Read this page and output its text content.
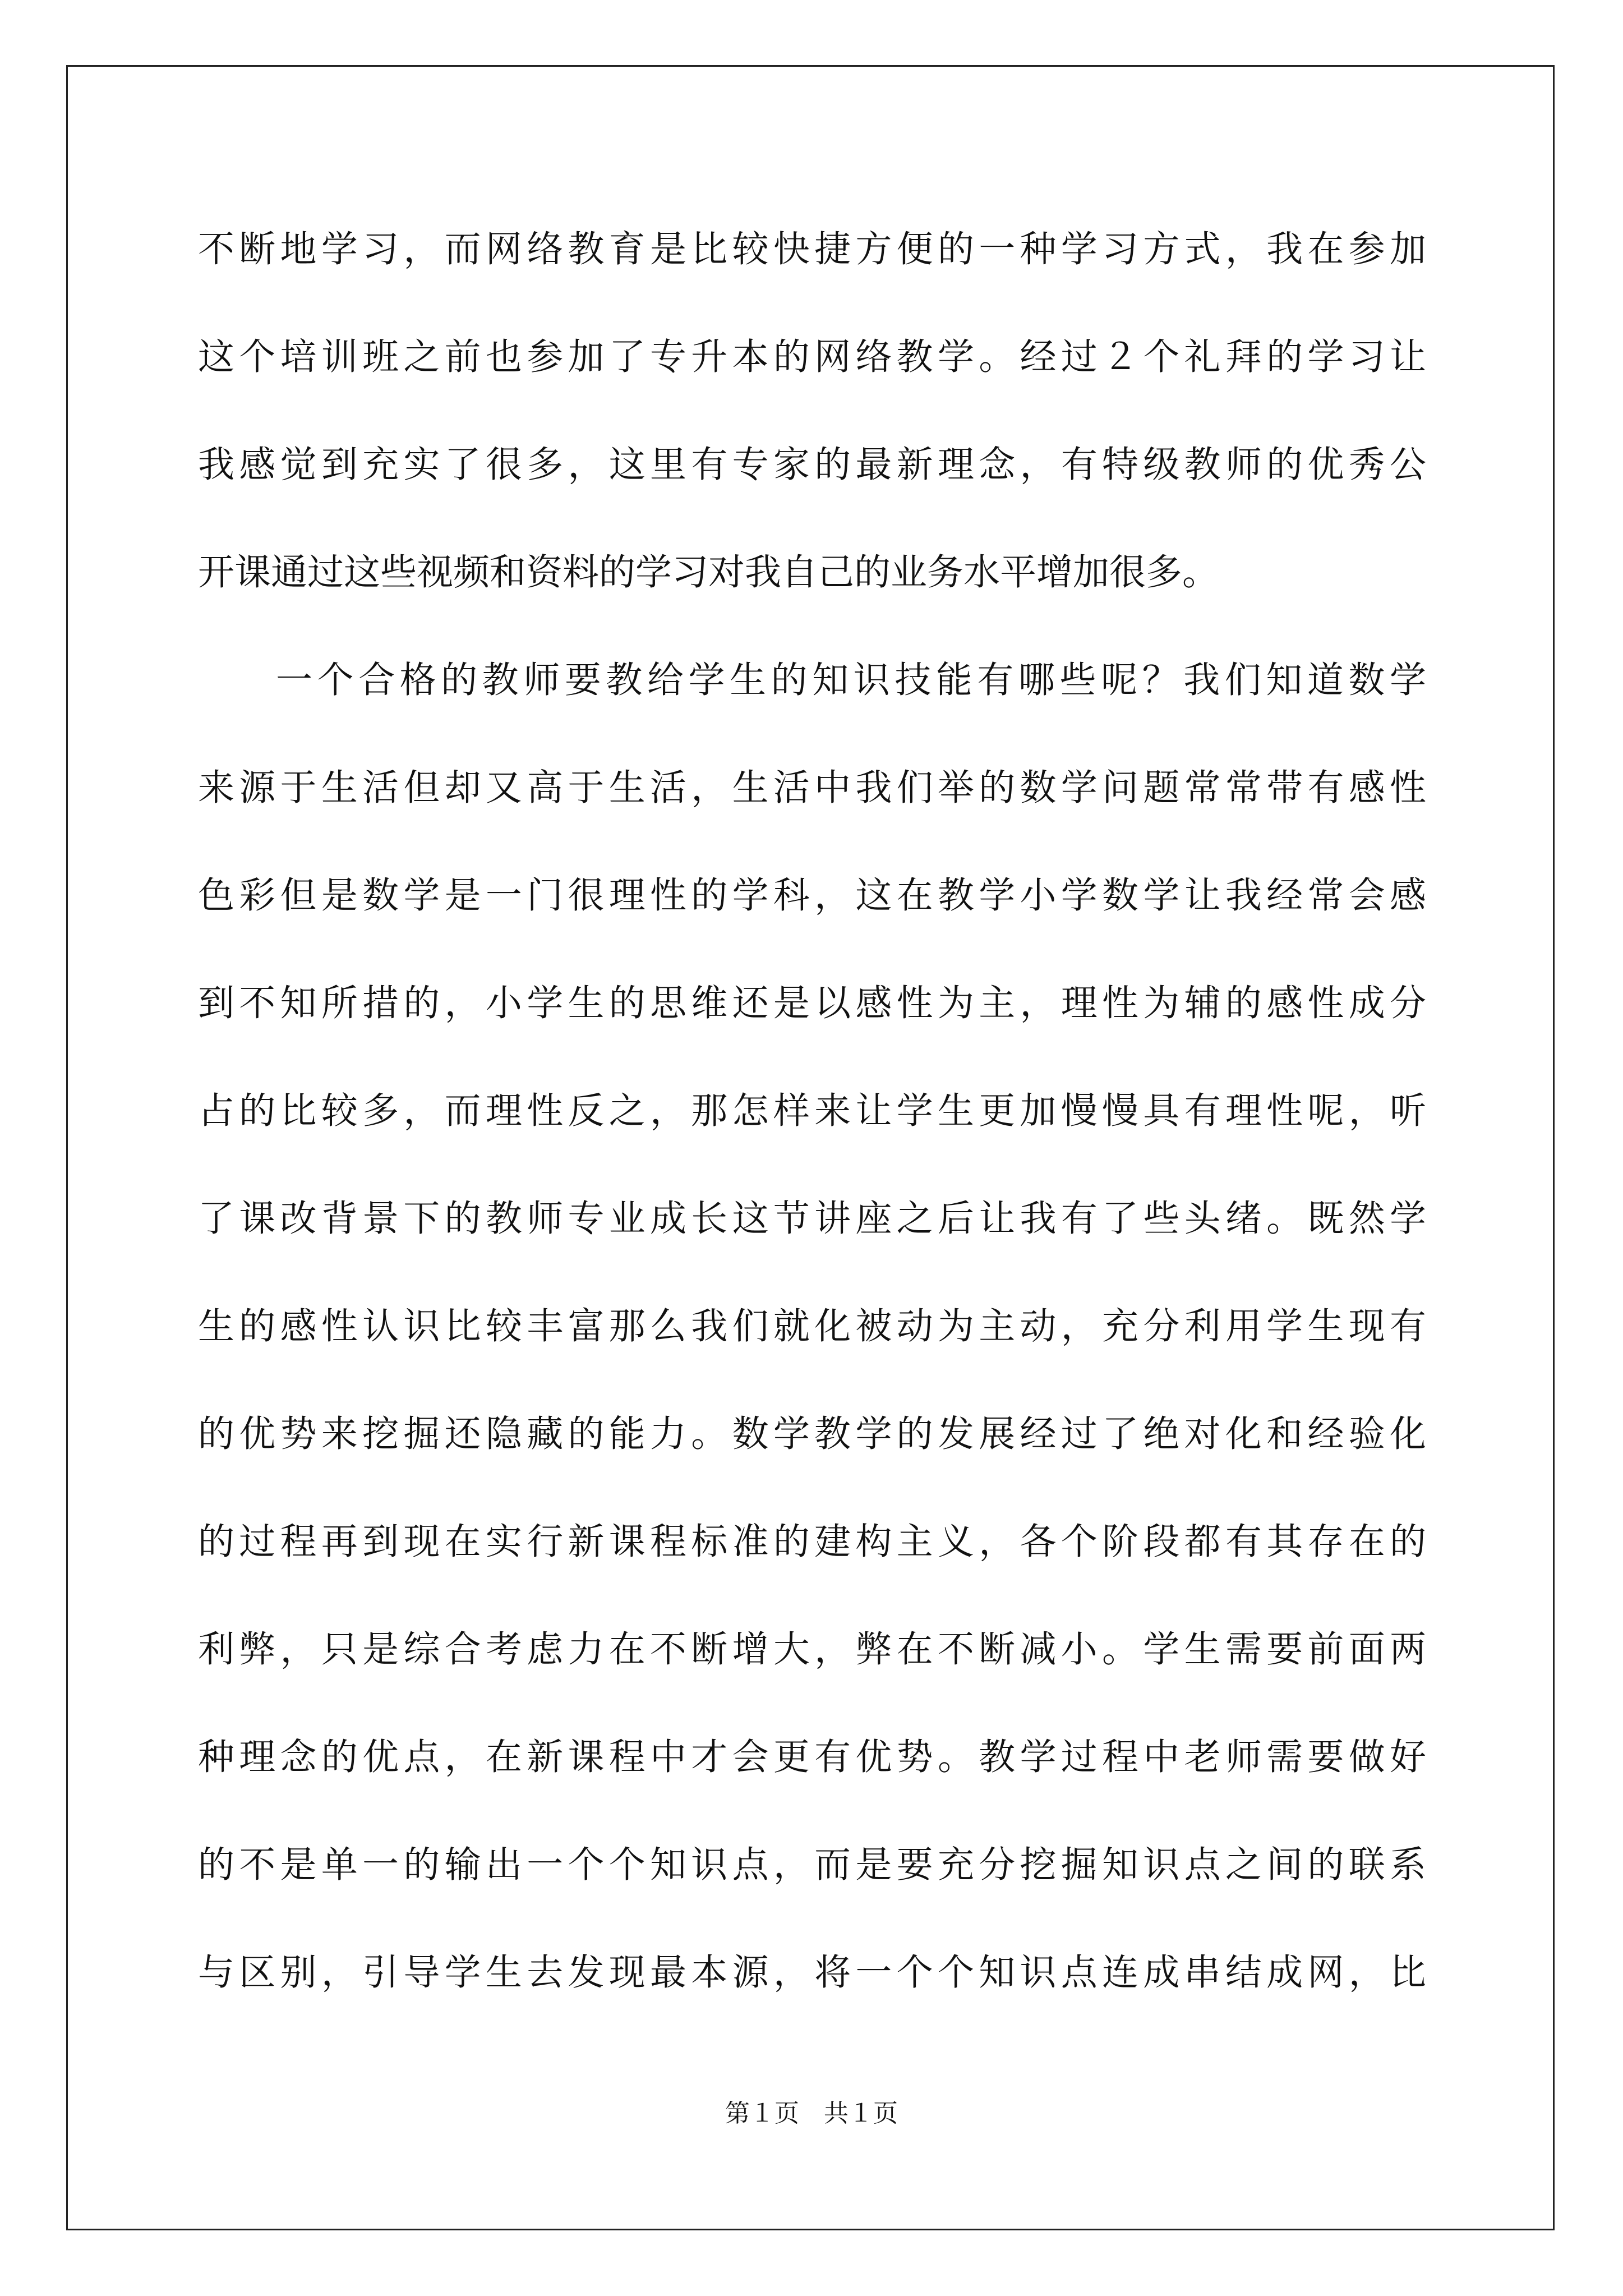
不断地学习，而网络教育是比较快捷方便的一种学习方式，我在参加
这个培训班之前也参加了专升本的网络教学。经过２个礼拜的学习让
我感觉到充实了很多，这里有专家的最新理念，有特级教师的优秀公
开课通过这些视频和资料的学习对我自己的业务水平增加很多。
一个合格的教师要教给学生的知识技能有哪些呢？我们知道数学
来源于生活但却又高于生活，生活中我们举的数学问题常常带有感性
色彩但是数学是一门很理性的学科，这在教学小学数学让我经常会感
到不知所措的，小学生的思维还是以感性为主，理性为辅的感性成分
占的比较多，而理性反之，那怎样来让学生更加慢慢具有理性呢，听
了课改背景下的教师专业成长这节讲座之后让我有了些头绪。既然学
生的感性认识比较丰富那么我们就化被动为主动，充分利用学生现有
的优势来挖掘还隐藏的能力。数学教学的发展经过了绝对化和经验化
的过程再到现在实行新课程标准的建构主义，各个阶段都有其存在的
利弊，只是综合考虑力在不断增大，弊在不断减小。学生需要前面两
种理念的优点，在新课程中才会更有优势。教学过程中老师需要做好
的不是单一的输出一个个知识点，而是要充分挖掘知识点之间的联系
与区别，引导学生去发现最本源，将一个个知识点连成串结成网，比
第１页　共１页
